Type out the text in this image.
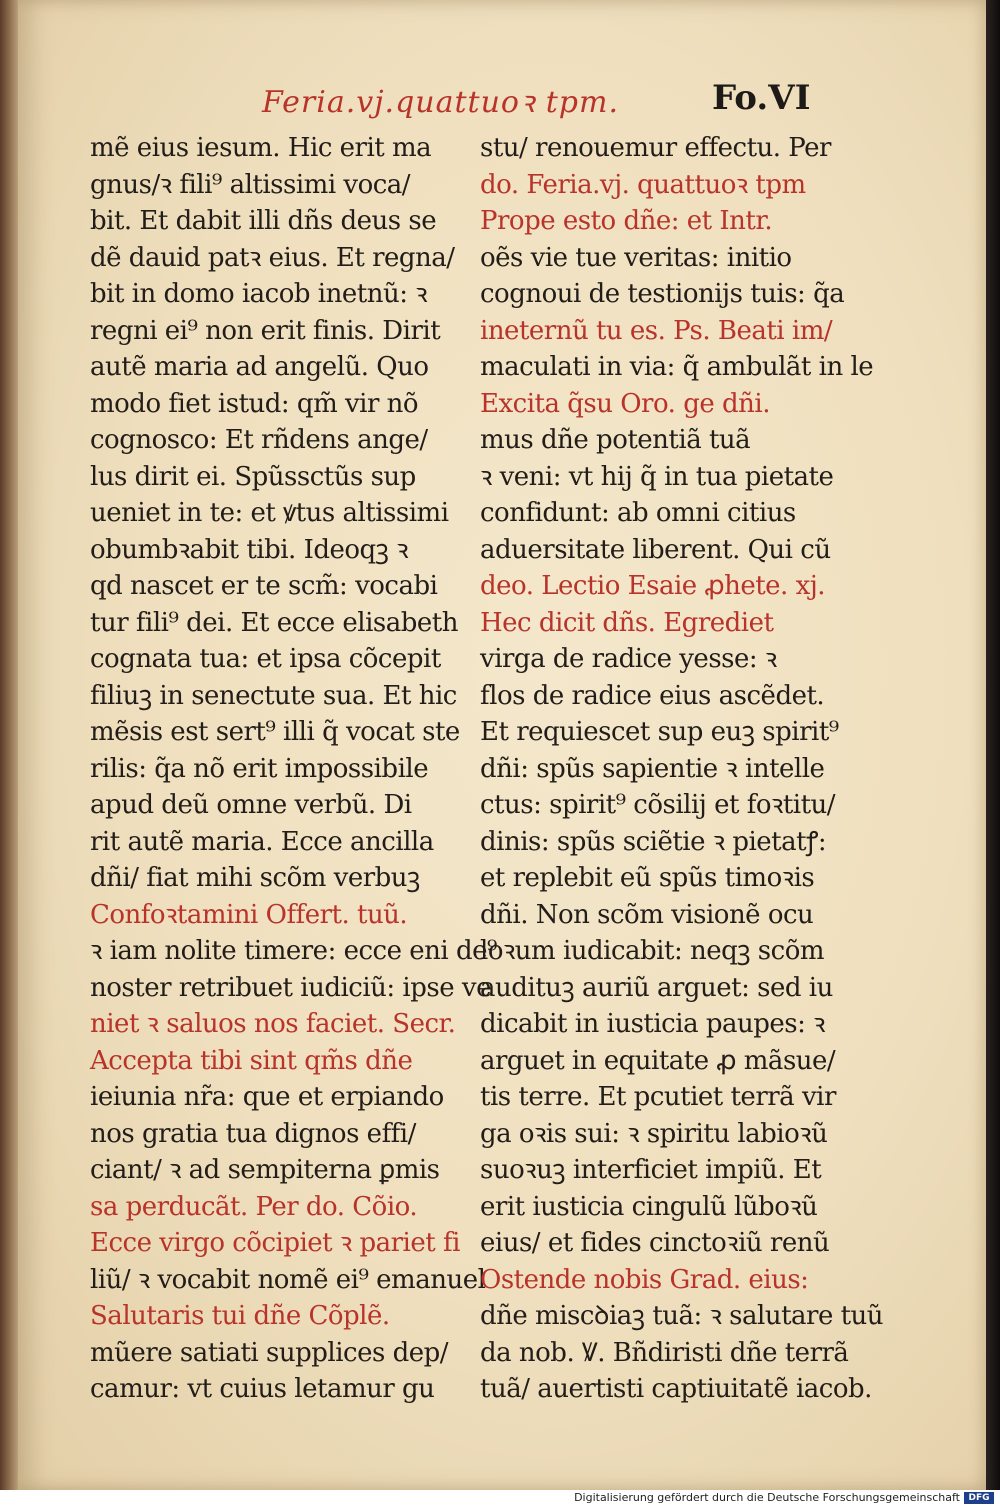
Feria.vj.quattuoꝛ tpm.	Fo.VI
mẽ eius iesum. Hic erit ma
gnus/ꝛ fili⁹ altissimi voca/
bit. Et dabit illi dñs deus se
dẽ dauid patꝛ eius. Et regna/
bit in domo iacob inetnũ: ꝛ
regni ei⁹ non erit finis. Dirit
autẽ maria ad angelũ. Quo
modo fiet istud: qm̃ vir nõ
cognosco: Et rñdens ange/
lus dirit ei. Spũssctũs sup
ueniet in te: et ꝟtus altissimi
obumbꝛabit tibi. Ideoqꝫ ꝛ
qd nascet er te scm̃: vocabi
tur fili⁹ dei. Et ecce elisabeth
cognata tua: et ipsa cõcepit
filiuꝫ in senectute sua. Et hic
mẽsis est sert⁹ illi q̃ vocat ste
rilis: q̃a nõ erit impossibile
apud deũ omne verbũ. Di
rit autẽ maria. Ecce ancilla
dñi/ fiat mihi scõm verbuꝫ
Confoꝛtamini Offert. tuũ.
ꝛ iam nolite timere: ecce eni de⁹
noster retribuet iudiciũ: ipse ve
niet ꝛ saluos nos faciet. Secr.
Accepta tibi sint qm̃s dñe
ieiunia nr̃a: que et erpiando
nos gratia tua dignos effi/
ciant/ ꝛ ad sempiterna ꝑmis
sa perducãt. Per do. Cõio.
Ecce virgo cõcipiet ꝛ pariet fi
liũ/ ꝛ vocabit nomẽ ei⁹ emanuel
Salutaris tui dñe Cõplẽ.
mũere satiati supplices dep/
camur: vt cuius letamur gu
stu/ renouemur effectu. Per
do. Feria.vj. quattuoꝛ tpm
Prope esto dñe: et Intr.
oẽs vie tue veritas: initio
cognoui de testionijs tuis: q̃a
ineternũ tu es. Ps. Beati im/
maculati in via: q̃ ambulãt in le
Excita q̃su Oro. ge dñi.
mus dñe potentiã tuã
ꝛ veni: vt hij q̃ in tua pietate
confidunt: ab omni citius
aduersitate liberent. Qui cũ
deo. Lectio Esaie ꝓhete. xj.
Hec dicit dñs. Egrediet
virga de radice yesse: ꝛ
flos de radice eius ascẽdet.
Et requiescet sup euꝫ spirit⁹
dñi: spũs sapientie ꝛ intelle
ctus: spirit⁹ cõsilij et foꝛtitu/
dinis: spũs sciẽtie ꝛ pietatꝭ:
et replebit eũ spũs timoꝛis
dñi. Non scõm visionẽ ocu
loꝛum iudicabit: neqꝫ scõm
audituꝫ auriũ arguet: sed iu
dicabit in iusticia paupes: ꝛ
arguet in equitate ꝓ mãsue/
tis terre. Et pcutiet terrã vir
ga oꝛis sui: ꝛ spiritu labioꝛũ
suoꝛuꝫ interficiet impiũ. Et
erit iusticia cingulũ lũboꝛũ
eius/ et fides cinctoꝛiũ renũ
Ostende nobis Grad. eius:
dñe miscꝺiaꝫ tuã: ꝛ salutare tuũ
da nob. Ꝟ. Bñdiristi dñe terrã
tuã/ auertisti captiuitatẽ iacob.
Digitalisierung gefördert durch die Deutsche Forschungsgemeinschaft DFG
